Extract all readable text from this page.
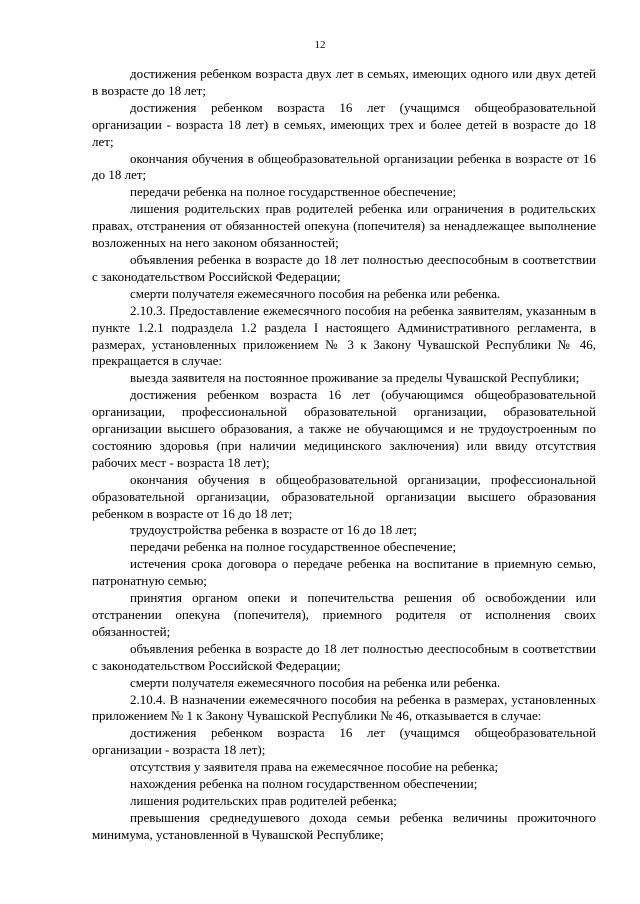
12

достижения ребенком возраста двух лет в семьях, имеющих одного или двух детей в возрасте до 18 лет;

достижения ребенком возраста 16 лет (учащимся общеобразовательной организации - возраста 18 лет) в семьях, имеющих трех и более детей в возрасте до 18 лет;

окончания обучения в общеобразовательной организации ребенка в возрасте от 16 до 18 лет;

передачи ребенка на полное государственное обеспечение;

лишения родительских прав родителей ребенка или ограничения в родительских правах, отстранения от обязанностей опекуна (попечителя) за ненадлежащее выполнение возложенных на него законом обязанностей;

объявления ребенка в возрасте до 18 лет полностью дееспособным в соответствии с законодательством Российской Федерации;

смерти получателя ежемесячного пособия на ребенка или ребенка.

2.10.3. Предоставление ежемесячного пособия на ребенка заявителям, указанным в пункте 1.2.1 подраздела 1.2 раздела I настоящего Административного регламента, в размерах, установленных приложением № 3 к Закону Чувашской Республики № 46, прекращается в случае:

выезда заявителя на постоянное проживание за пределы Чувашской Республики;

достижения ребенком возраста 16 лет (обучающимся общеобразовательной организации, профессиональной образовательной организации, образовательной организации высшего образования, а также не обучающимся и не трудоустроенным по состоянию здоровья (при наличии медицинского заключения) или ввиду отсутствия рабочих мест - возраста 18 лет);

окончания обучения в общеобразовательной организации, профессиональной образовательной организации, образовательной организации высшего образования ребенком в возрасте от 16 до 18 лет;

трудоустройства ребенка в возрасте от 16 до 18 лет;

передачи ребенка на полное государственное обеспечение;

истечения срока договора о передаче ребенка на воспитание в приемную семью, патронатную семью;

принятия органом опеки и попечительства решения об освобождении или отстранении опекуна (попечителя), приемного родителя от исполнения своих обязанностей;

объявления ребенка в возрасте до 18 лет полностью дееспособным в соответствии с законодательством Российской Федерации;

смерти получателя ежемесячного пособия на ребенка или ребенка.

2.10.4. В назначении ежемесячного пособия на ребенка в размерах, установленных приложением № 1 к Закону Чувашской Республики № 46, отказывается в случае:

достижения ребенком возраста 16 лет (учащимся общеобразовательной организации - возраста 18 лет);

отсутствия у заявителя права на ежемесячное пособие на ребенка;

нахождения ребенка на полном государственном обеспечении;

лишения родительских прав родителей ребенка;

превышения среднедушевого дохода семьи ребенка величины прожиточного минимума, установленной в Чувашской Республике;
